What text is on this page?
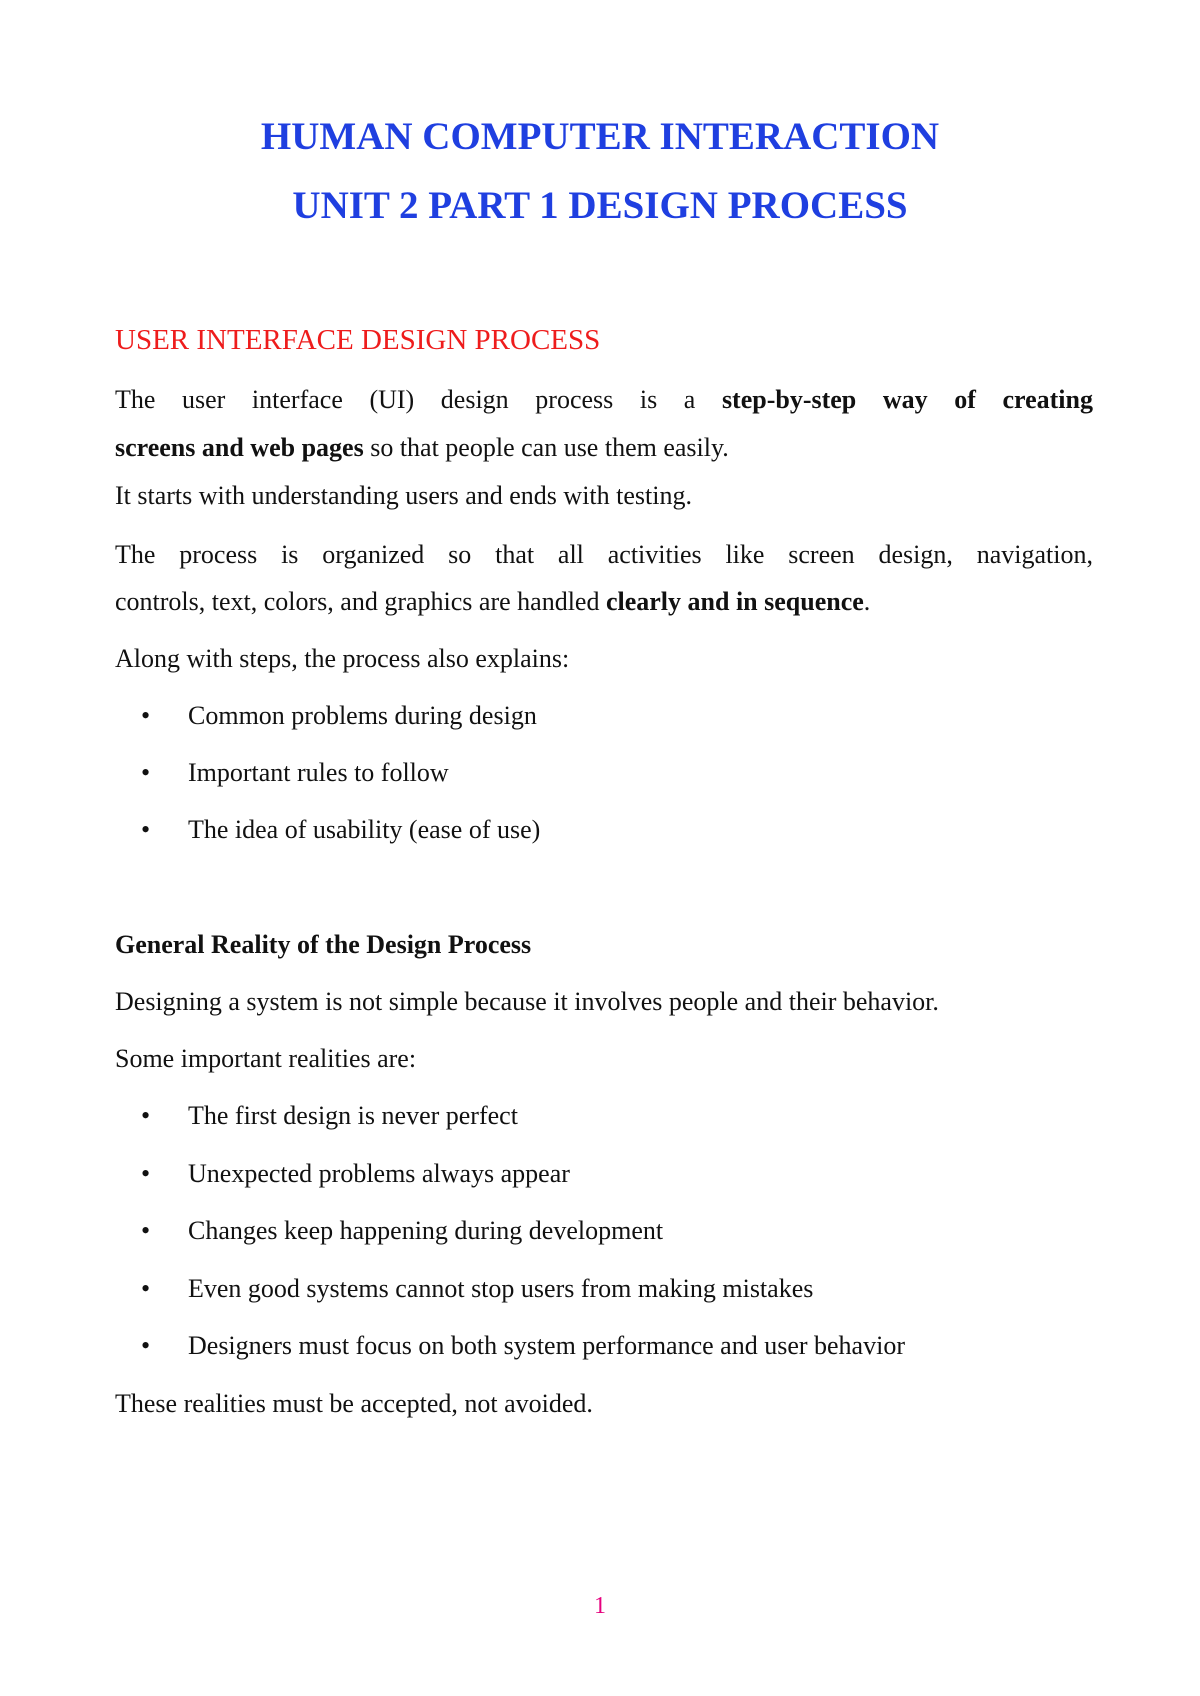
HUMAN COMPUTER INTERACTION
UNIT 2 PART 1 DESIGN PROCESS
USER INTERFACE DESIGN PROCESS
The user interface (UI) design process is a step-by-step way of creating
screens and web pages so that people can use them easily.

It starts with understanding users and ends with testing.

The process is organized so that all activities like screen design, navigation,
controls, text, colors, and graphics are handled clearly and in sequence.

Along with steps, the process also explains:

• Common problems during design
• Important rules to follow
• The idea of usability (ease of use)
General Reality of the Design Process

Designing a system is not simple because it involves people and their behavior.

Some important realities are:

• The first design is never perfect
• Unexpected problems always appear
• Changes keep happening during development
• Even good systems cannot stop users from making mistakes
• Designers must focus on both system performance and user behavior

These realities must be accepted, not avoided.

1
